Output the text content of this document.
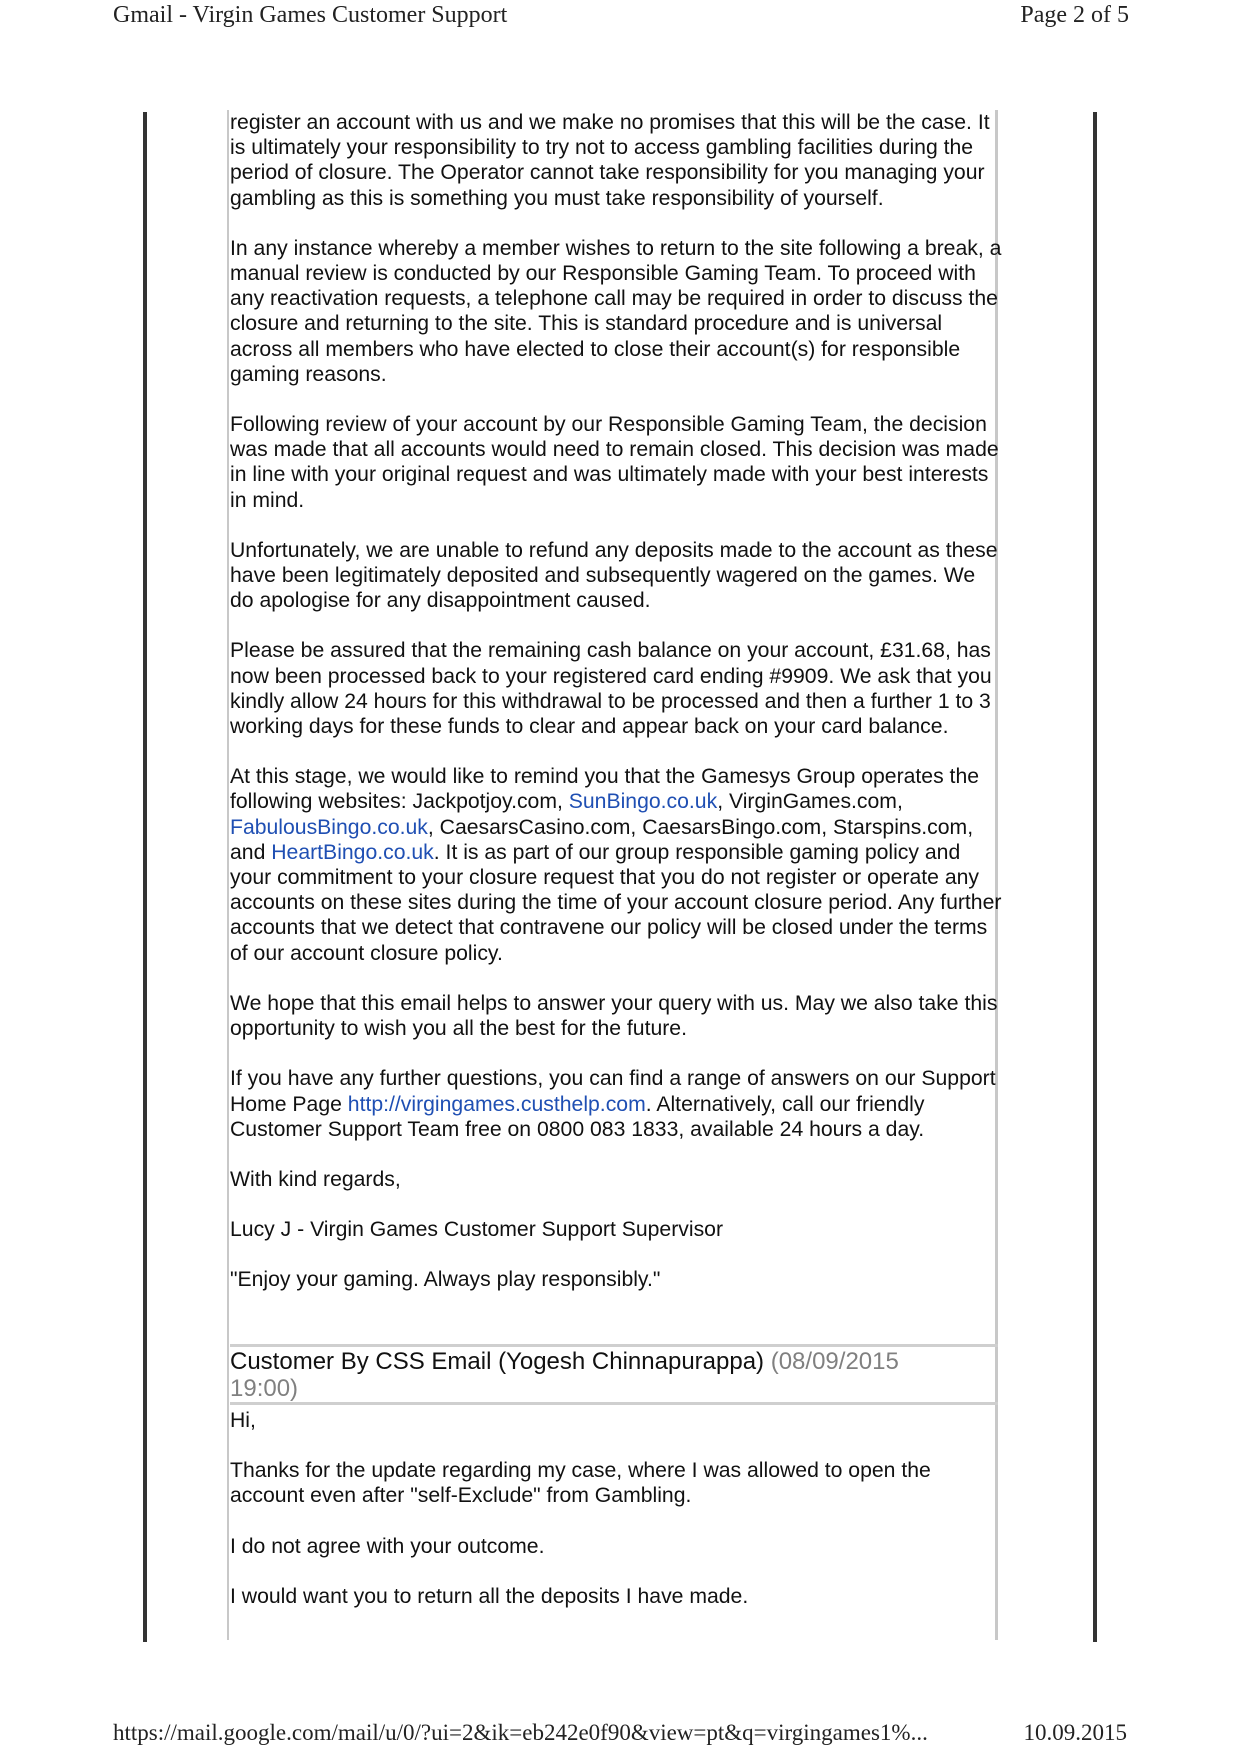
Gmail - Virgin Games Customer Support	Page 2 of 5

register an account with us and we make no promises that this will be the case. It is ultimately your responsibility to try not to access gambling facilities during the period of closure. The Operator cannot take responsibility for you managing your gambling as this is something you must take responsibility of yourself.

In any instance whereby a member wishes to return to the site following a break, a manual review is conducted by our Responsible Gaming Team. To proceed with any reactivation requests, a telephone call may be required in order to discuss the closure and returning to the site. This is standard procedure and is universal across all members who have elected to close their account(s) for responsible gaming reasons.

Following review of your account by our Responsible Gaming Team, the decision was made that all accounts would need to remain closed. This decision was made in line with your original request and was ultimately made with your best interests in mind.

Unfortunately, we are unable to refund any deposits made to the account as these have been legitimately deposited and subsequently wagered on the games. We do apologise for any disappointment caused.

Please be assured that the remaining cash balance on your account, £31.68, has now been processed back to your registered card ending #9909. We ask that you kindly allow 24 hours for this withdrawal to be processed and then a further 1 to 3 working days for these funds to clear and appear back on your card balance.

At this stage, we would like to remind you that the Gamesys Group operates the following websites: Jackpotjoy.com, SunBingo.co.uk, VirginGames.com, FabulousBingo.co.uk, CaesarsCasino.com, CaesarsBingo.com, Starspins.com, and HeartBingo.co.uk. It is as part of our group responsible gaming policy and your commitment to your closure request that you do not register or operate any accounts on these sites during the time of your account closure period. Any further accounts that we detect that contravene our policy will be closed under the terms of our account closure policy.

We hope that this email helps to answer your query with us. May we also take this opportunity to wish you all the best for the future.

If you have any further questions, you can find a range of answers on our Support Home Page http://virgingames.custhelp.com. Alternatively, call our friendly Customer Support Team free on 0800 083 1833, available 24 hours a day.

With kind regards,

Lucy J - Virgin Games Customer Support Supervisor

"Enjoy your gaming. Always play responsibly."

Customer By CSS Email (Yogesh Chinnapurappa) (08/09/2015 19:00)

Hi,

Thanks for the update regarding my case, where I was allowed to open the account even after "self-Exclude" from Gambling.

I do not agree with your outcome.

I would want you to return all the deposits I have made.

https://mail.google.com/mail/u/0/?ui=2&ik=eb242e0f90&view=pt&q=virgingames1%...	10.09.2015
